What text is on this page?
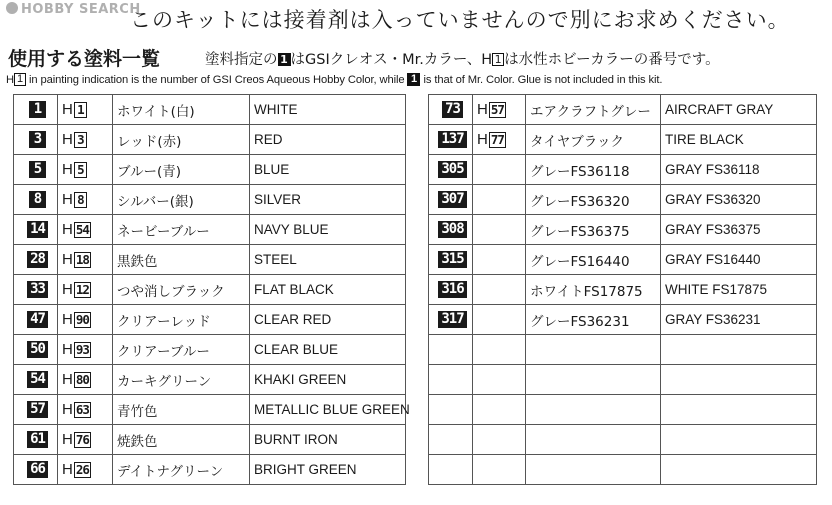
HOBBY SEARCH
このキットには接着剤は入っていませんので別にお求めください。
使用する塗料一覧	塗料指定の 1 はGSIクレオス・Mr.カラー、H 1 は水性ホビーカラーの番号です。
H 1 in painting indication is the number of GSI Creos Aqueous Hobby Color, while 1 is that of Mr. Color. Glue is not included in this kit.
1	H 1	ホワイト(白)	WHITE
3	H 3	レッド(赤)	RED
5	H 5	ブルー(青)	BLUE
8	H 8	シルバー(銀)	SILVER
14	H 54	ネービーブルー	NAVY BLUE
28	H 18	黒鉄色	STEEL
33	H 12	つや消しブラック	FLAT BLACK
47	H 90	クリアーレッド	CLEAR RED
50	H 93	クリアーブルー	CLEAR BLUE
54	H 80	カーキグリーン	KHAKI GREEN
57	H 63	青竹色	METALLIC BLUE GREEN
61	H 76	焼鉄色	BURNT IRON
66	H 26	デイトナグリーン	BRIGHT GREEN
73	H 57	エアクラフトグレー	AIRCRAFT GRAY
137	H 77	タイヤブラック	TIRE BLACK
305		グレーFS36118	GRAY FS36118
307		グレーFS36320	GRAY FS36320
308		グレーFS36375	GRAY FS36375
315		グレーFS16440	GRAY FS16440
316		ホワイトFS17875	WHITE FS17875
317		グレーFS36231	GRAY FS36231
